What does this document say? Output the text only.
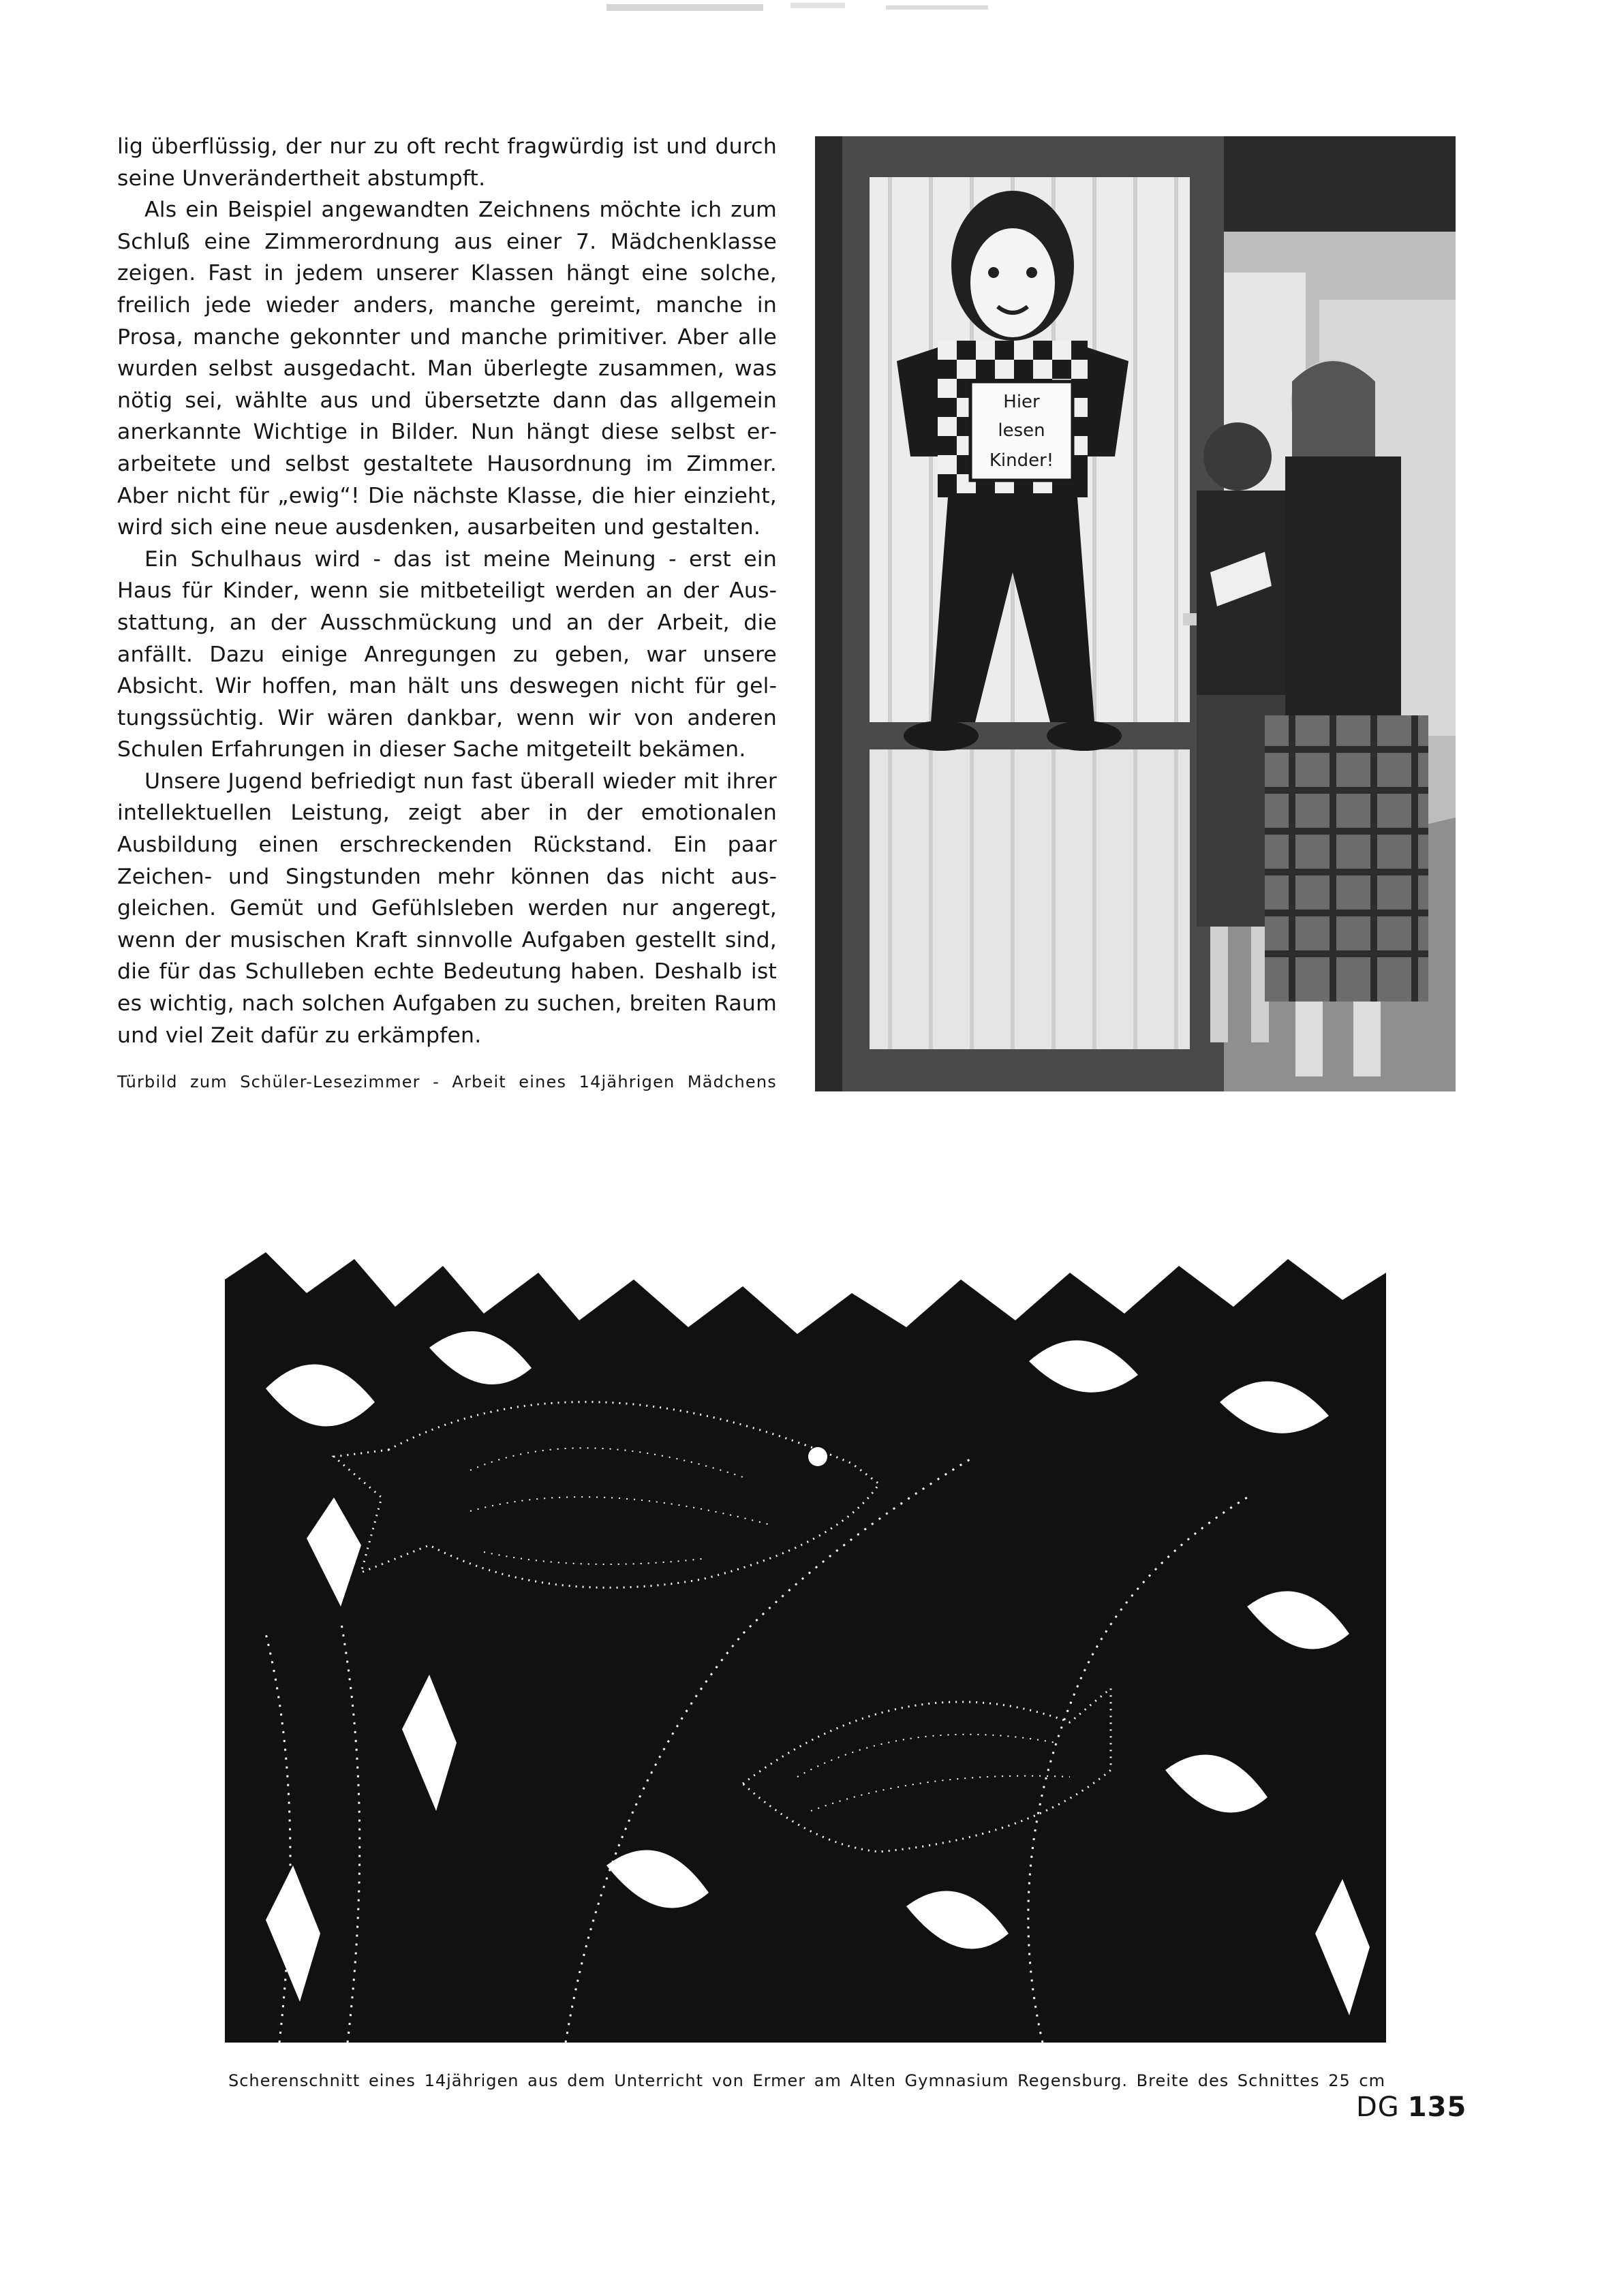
lig überflüssig, der nur zu oft recht fragwürdig ist und durch seine Unverändertheit abstumpft.

Als ein Beispiel angewandten Zeichnens möchte ich zum Schluß eine Zimmerordnung aus einer 7. Mädchenklasse zeigen. Fast in jedem unserer Klassen hängt eine solche, freilich jede wieder anders, manche gereimt, manche in Prosa, manche gekonnter und manche primitiver. Aber alle wurden selbst ausgedacht. Man überlegte zusammen, was nötig sei, wählte aus und übersetzte dann das allgemein anerkannte Wichtige in Bilder. Nun hängt diese selbst erarbeitete und selbst gestaltete Hausordnung im Zimmer. Aber nicht für „ewig“! Die nächste Klasse, die hier einzieht, wird sich eine neue ausdenken, ausarbeiten und gestalten.

Ein Schulhaus wird - das ist meine Meinung - erst ein Haus für Kinder, wenn sie mitbeteiligt werden an der Ausstattung, an der Ausschmückung und an der Arbeit, die anfällt. Dazu einige Anregungen zu geben, war unsere Absicht. Wir hoffen, man hält uns deswegen nicht für geltungssüchtig. Wir wären dankbar, wenn wir von anderen Schulen Erfahrungen in dieser Sache mitgeteilt bekämen.

Unsere Jugend befriedigt nun fast überall wieder mit ihrer intellektuellen Leistung, zeigt aber in der emotionalen Ausbildung einen erschreckenden Rückstand. Ein paar Zeichen- und Singstunden mehr können das nicht ausgleichen. Gemüt und Gefühlsleben werden nur angeregt, wenn der musischen Kraft sinnvolle Aufgaben gestellt sind, die für das Schulleben echte Bedeutung haben. Deshalb ist es wichtig, nach solchen Aufgaben zu suchen, breiten Raum und viel Zeit dafür zu erkämpfen.

Hier
lesen
Kinder!
Türbild zum Schüler-Lesezimmer - Arbeit eines 14jährigen Mädchens
Scherenschnitt eines 14jährigen aus dem Unterricht von Ermer am Alten Gymnasium Regensburg. Breite des Schnittes 25 cm
DG 135
